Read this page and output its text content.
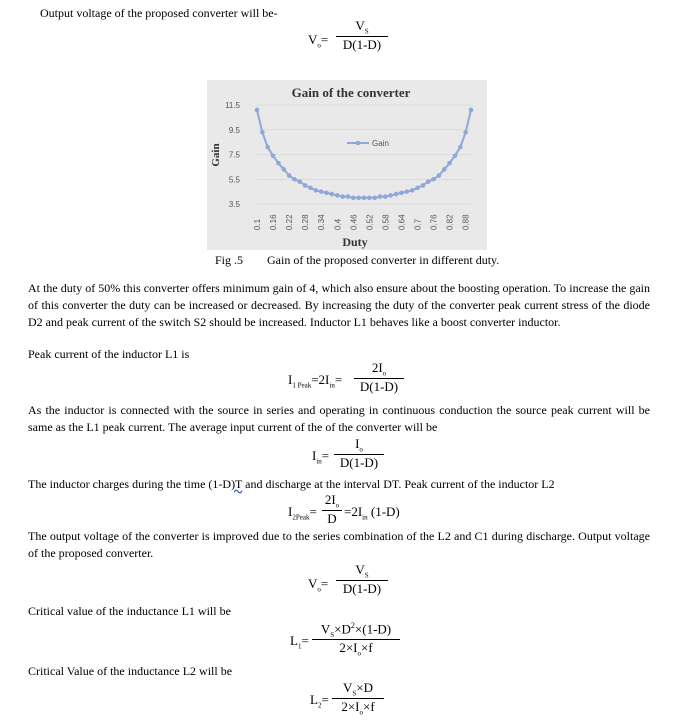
Output voltage of the proposed converter will be-
$V_o=$
$V_S$
D(1-D)
Gain of the converter
11.5
9.5
7.5
5.5
3.5
Gain
0.1 0.16 0.22 0.28 0.34 0.4 0.46 0.52 0.58 0.64 0.7 0.76 0.82 0.88
Duty
Gain
Fig .5 Gain of the proposed converter in different duty.
At the duty of 50% this converter offers minimum gain of 4, which also ensure about the boosting operation. To increase the gain of this converter the duty can be increased or decreased. By increasing the duty of the converter peak current stress of the diode D2 and peak current of the switch S2 should be increased. Inductor L1 behaves like a boost converter inductor.
Peak current of the inductor L1 is
$I_{1 Peak}=2I_{in}=$
$2I_o$
D(1-D)
As the inductor is connected with the source in series and operating in continuous conduction the source peak current will be same as the L1 peak current. The average input current of the of the converter will be
$I_{in}=$
$I_o$
D(1-D)
The inductor charges during the time (1-D)T and discharge at the interval DT. Peak current of the inductor L2
$I_{2Peak}=$
$2I_o$
$D =2I_{in}$ (1-D)
The output voltage of the converter is improved due to the series combination of the L2 and C1 during discharge. Output voltage of the proposed converter.
$V_o=$
$V_S$
D(1-D)
Critical value of the inductance L1 will be
$L_1=$
$V_S\times D^2\times(1-D)$
$2\times I_o\times f$
Critical Value of the inductance L2 will be
$L_2=$
$V_S\times D$
$2\times I_o\times f$
